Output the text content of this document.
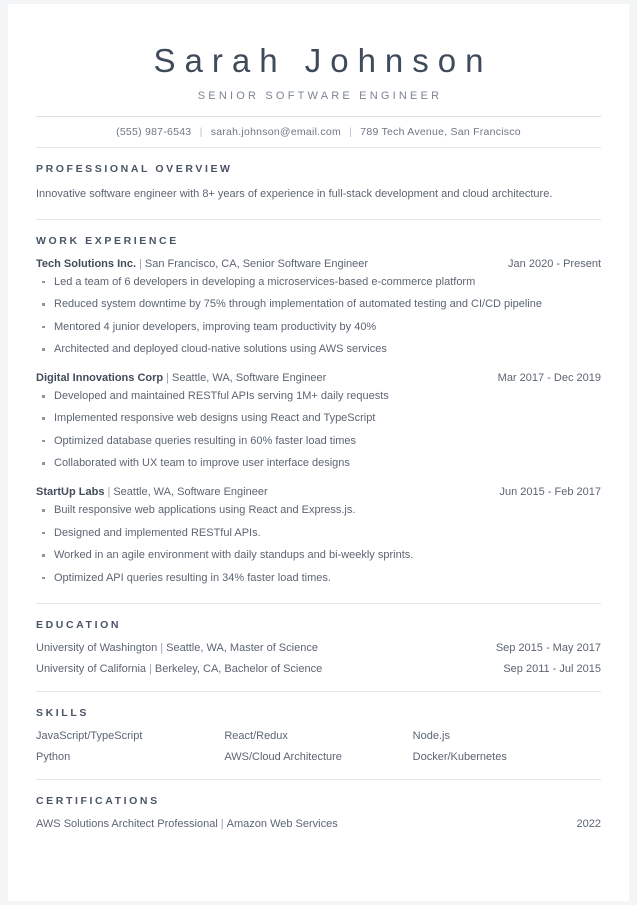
Sarah Johnson
SENIOR SOFTWARE ENGINEER
(555) 987-6543 | sarah.johnson@email.com | 789 Tech Avenue, San Francisco
PROFESSIONAL OVERVIEW

Innovative software engineer with 8+ years of experience in full-stack development and cloud architecture.

WORK EXPERIENCE
Tech Solutions Inc. | San Francisco, CA, Senior Software Engineer	Jan 2020 - Present
Led a team of 6 developers in developing a microservices-based e-commerce platform
Reduced system downtime by 75% through implementation of automated testing and CI/CD pipeline
Mentored 4 junior developers, improving team productivity by 40%
Architected and deployed cloud-native solutions using AWS services
Digital Innovations Corp | Seattle, WA, Software Engineer	Mar 2017 - Dec 2019
Developed and maintained RESTful APIs serving 1M+ daily requests
Implemented responsive web designs using React and TypeScript
Optimized database queries resulting in 60% faster load times
Collaborated with UX team to improve user interface designs
StartUp Labs | Seattle, WA, Software Engineer	Jun 2015 - Feb 2017
Built responsive web applications using React and Express.js.
Designed and implemented RESTful APIs.
Worked in an agile environment with daily standups and bi-weekly sprints.
Optimized API queries resulting in 34% faster load times.
EDUCATION
University of Washington | Seattle, WA, Master of Science	Sep 2015 - May 2017
University of California | Berkeley, CA, Bachelor of Science	Sep 2011 - Jul 2015
SKILLS
JavaScript/TypeScript	React/Redux	Node.js
Python	AWS/Cloud Architecture	Docker/Kubernetes
CERTIFICATIONS
AWS Solutions Architect Professional | Amazon Web Services	2022
